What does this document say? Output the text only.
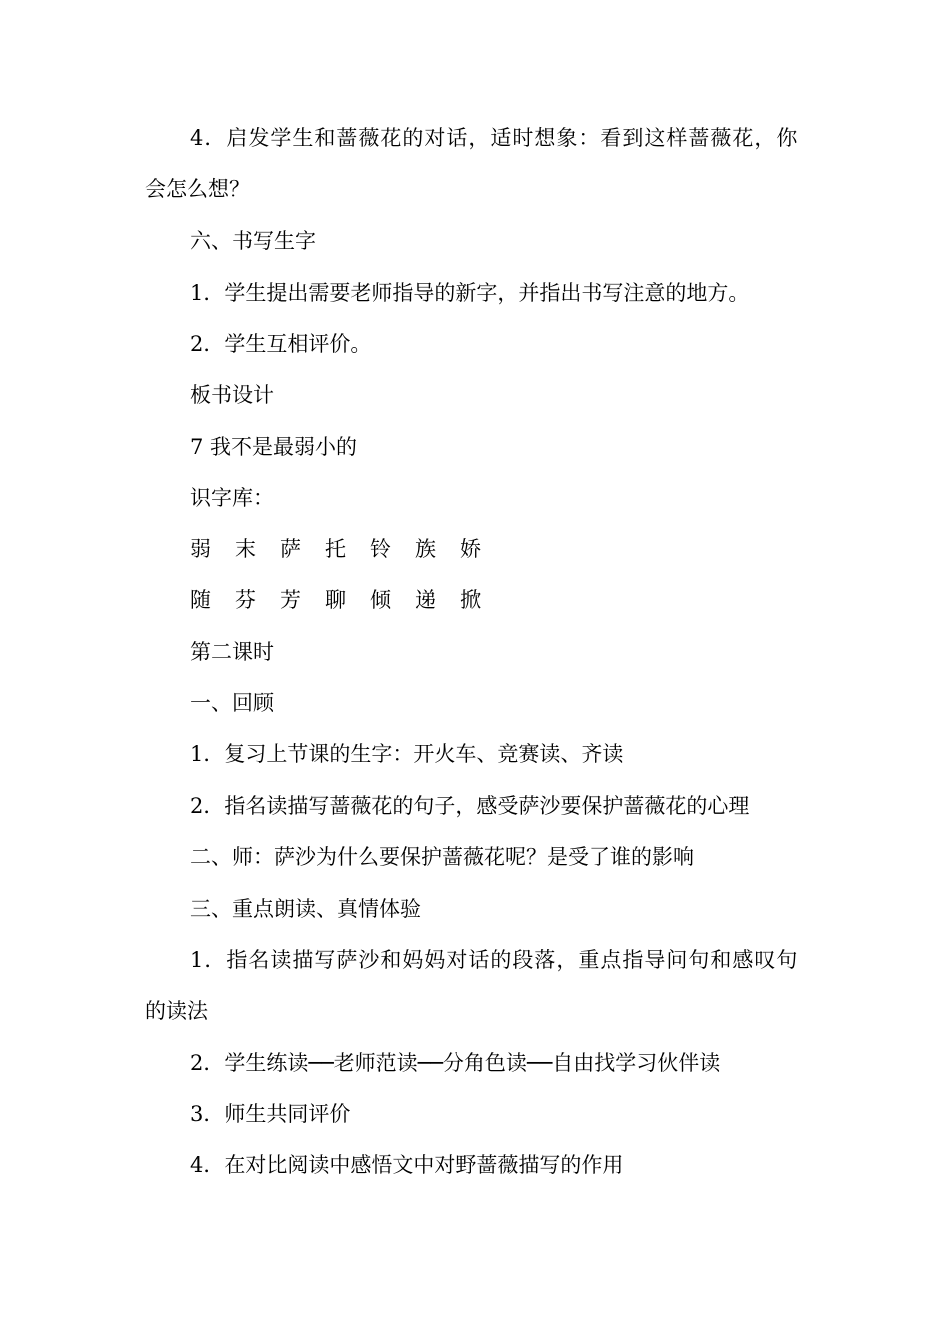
4．启发学生和蔷薇花的对话，适时想象：看到这样蔷薇花，你
会怎么想？
六、书写生字
1．学生提出需要老师指导的新字，并指出书写注意的地方。
2．学生互相评价。
板书设计
7 我不是最弱小的
识字库：
弱	末	萨	托	铃	族	娇
随	芬	芳	聊	倾	递	掀
第二课时
一、回顾
1．复习上节课的生字：开火车、竞赛读、齐读
2．指名读描写蔷薇花的句子，感受萨沙要保护蔷薇花的心理
二、师：萨沙为什么要保护蔷薇花呢？是受了谁的影响
三、重点朗读、真情体验
1．指名读描写萨沙和妈妈对话的段落，重点指导问句和感叹句
的读法
2．学生练读──老师范读──分角色读──自由找学习伙伴读
3．师生共同评价
4．在对比阅读中感悟文中对野蔷薇描写的作用
